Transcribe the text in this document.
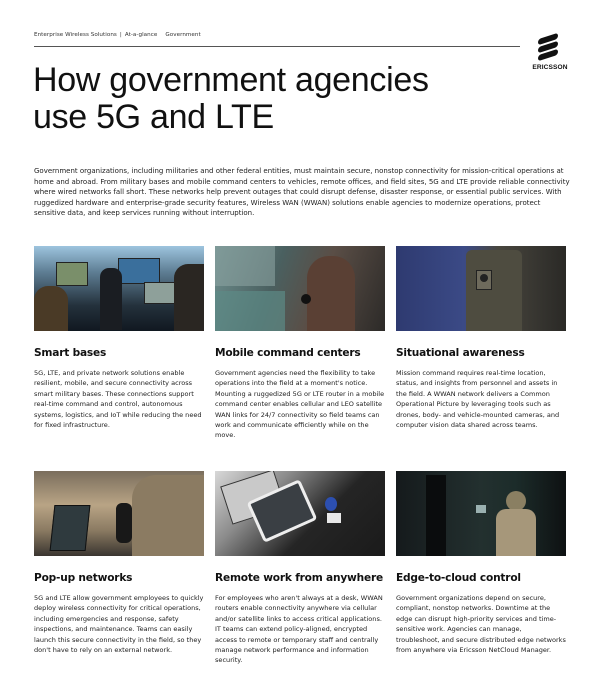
Enterprise Wireless Solutions | At-a-glance Government
ERICSSON
How government agencies
use 5G and LTE

Government organizations, including militaries and other federal entities, must maintain secure, nonstop connectivity for mission-critical operations at home and abroad. From military bases and mobile command centers to vehicles, remote offices, and field sites, 5G and LTE provide reliable connectivity where wired networks fall short. These networks help prevent outages that could disrupt defense, disaster response, or essential public services. With ruggedized hardware and enterprise-grade security features, Wireless WAN (WWAN) solutions enable agencies to modernize operations, protect sensitive data, and keep services running without interruption.

Smart bases

5G, LTE, and private network solutions enable resilient, mobile, and secure connectivity across smart military bases. These connections support real-time command and control, autonomous systems, logistics, and IoT while reducing the need for fixed infrastructure.

Mobile command centers

Government agencies need the flexibility to take operations into the field at a moment's notice. Mounting a ruggedized 5G or LTE router in a mobile command center enables cellular and LEO satellite WAN links for 24/7 connectivity so field teams can work and communicate efficiently while on the move.

Situational awareness

Mission command requires real-time location, status, and insights from personnel and assets in the field. A WWAN network delivers a Common Operational Picture by leveraging tools such as drones, body- and vehicle-mounted cameras, and computer vision data shared across teams.

Pop-up networks

5G and LTE allow government employees to quickly deploy wireless connectivity for critical operations, including emergencies and response, safety inspections, and maintenance. Teams can easily launch this secure connectivity in the field, so they don't have to rely on an external network.

Remote work from anywhere

For employees who aren't always at a desk, WWAN routers enable connectivity anywhere via cellular and/or satellite links to access critical applications. IT teams can extend policy-aligned, encrypted access to remote or temporary staff and centrally manage network performance and information security.

Edge-to-cloud control

Government organizations depend on secure, compliant, nonstop networks. Downtime at the edge can disrupt high-priority services and time-sensitive work. Agencies can manage, troubleshoot, and secure distributed edge networks from anywhere via Ericsson NetCloud Manager.
